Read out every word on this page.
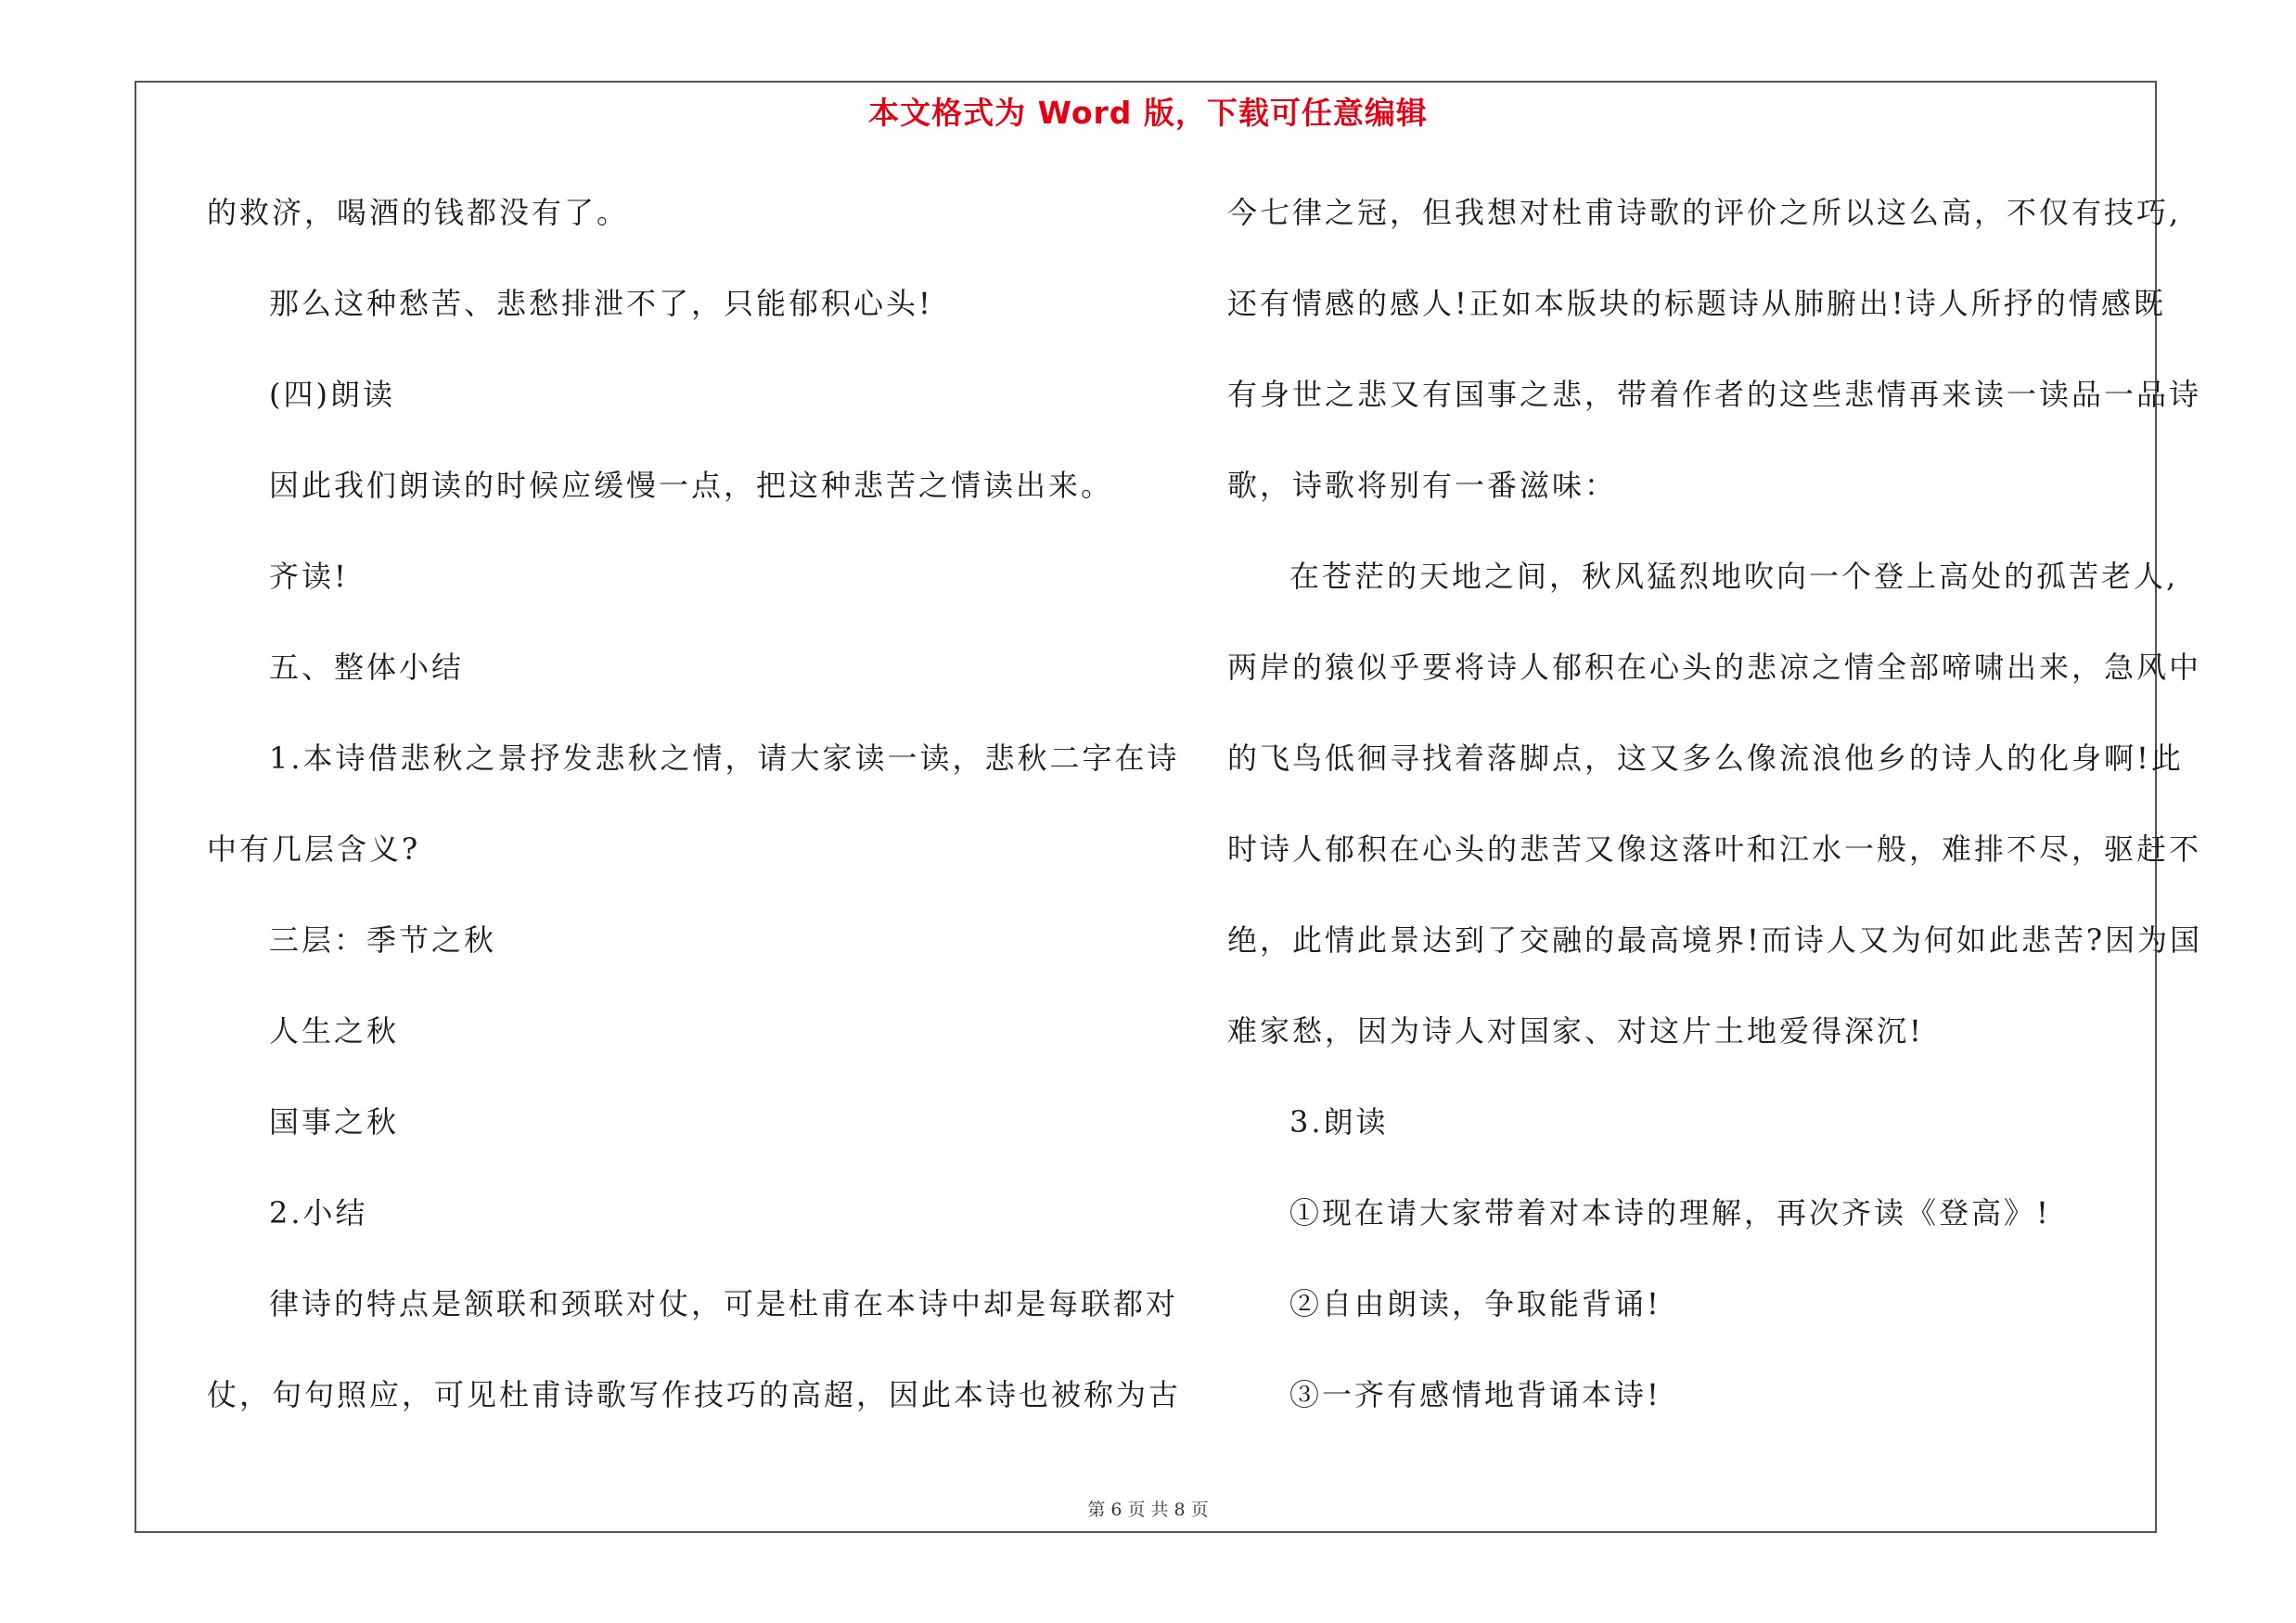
本文格式为 Word 版，下载可任意编辑
的救济，喝酒的钱都没有了。
那么这种愁苦、悲愁排泄不了，只能郁积心头!
(四)朗读
因此我们朗读的时候应缓慢一点，把这种悲苦之情读出来。
齐读!
五、整体小结
1.本诗借悲秋之景抒发悲秋之情，请大家读一读，悲秋二字在诗
中有几层含义?
三层：季节之秋
人生之秋
国事之秋
2.小结
律诗的特点是颔联和颈联对仗，可是杜甫在本诗中却是每联都对
仗，句句照应，可见杜甫诗歌写作技巧的高超，因此本诗也被称为古
今七律之冠，但我想对杜甫诗歌的评价之所以这么高，不仅有技巧,
还有情感的感人!正如本版块的标题诗从肺腑出!诗人所抒的情感既
有身世之悲又有国事之悲，带着作者的这些悲情再来读一读品一品诗
歌，诗歌将别有一番滋味：
在苍茫的天地之间，秋风猛烈地吹向一个登上高处的孤苦老人,
两岸的猿似乎要将诗人郁积在心头的悲凉之情全部啼啸出来，急风中
的飞鸟低徊寻找着落脚点，这又多么像流浪他乡的诗人的化身啊!此
时诗人郁积在心头的悲苦又像这落叶和江水一般，难排不尽，驱赶不
绝，此情此景达到了交融的最高境界!而诗人又为何如此悲苦?因为国
难家愁，因为诗人对国家、对这片土地爱得深沉!
3.朗读
①现在请大家带着对本诗的理解，再次齐读《登高》!
②自由朗读，争取能背诵!
③一齐有感情地背诵本诗!
第 6 页 共 8 页
